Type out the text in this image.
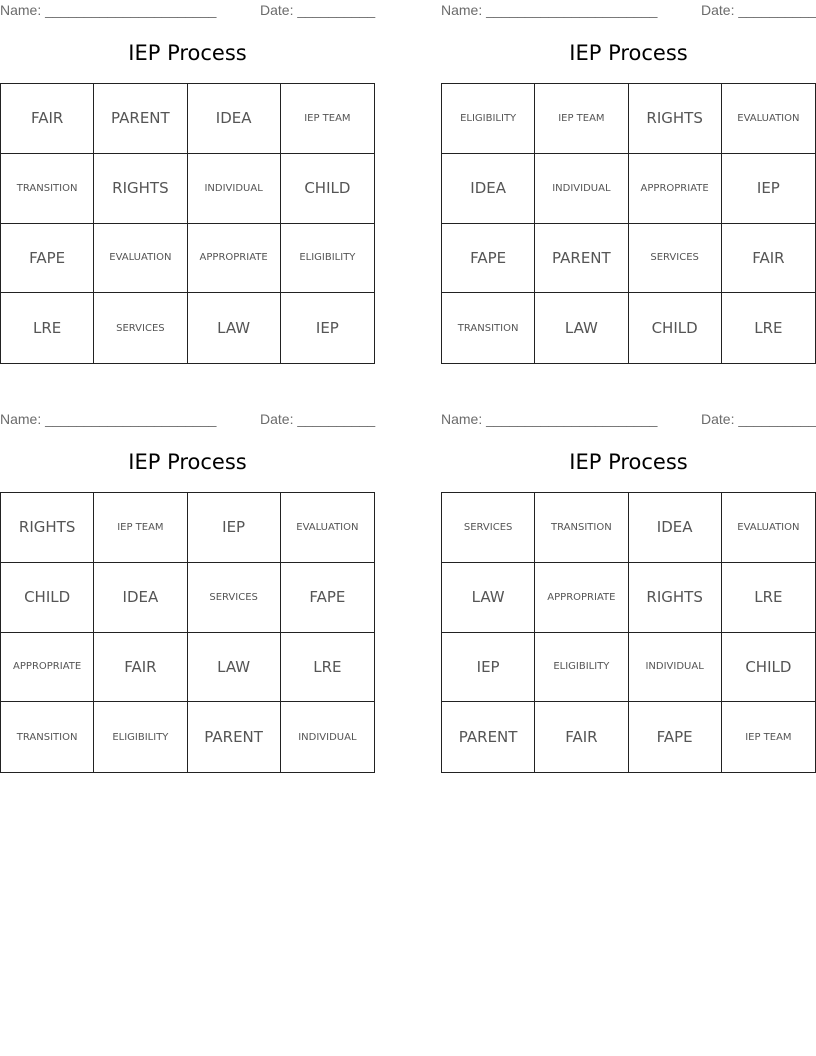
Name: ______________________	Date: __________
IEP Process
FAIR	PARENT	IDEA	IEP TEAM
TRANSITION	RIGHTS	INDIVIDUAL	CHILD
FAPE	EVALUATION	APPROPRIATE	ELIGIBILITY
LRE	SERVICES	LAW	IEP
Name: ______________________	Date: __________
IEP Process
ELIGIBILITY	IEP TEAM	RIGHTS	EVALUATION
IDEA	INDIVIDUAL	APPROPRIATE	IEP
FAPE	PARENT	SERVICES	FAIR
TRANSITION	LAW	CHILD	LRE
Name: ______________________	Date: __________
IEP Process
RIGHTS	IEP TEAM	IEP	EVALUATION
CHILD	IDEA	SERVICES	FAPE
APPROPRIATE	FAIR	LAW	LRE
TRANSITION	ELIGIBILITY	PARENT	INDIVIDUAL
Name: ______________________	Date: __________
IEP Process
SERVICES	TRANSITION	IDEA	EVALUATION
LAW	APPROPRIATE	RIGHTS	LRE
IEP	ELIGIBILITY	INDIVIDUAL	CHILD
PARENT	FAIR	FAPE	IEP TEAM
